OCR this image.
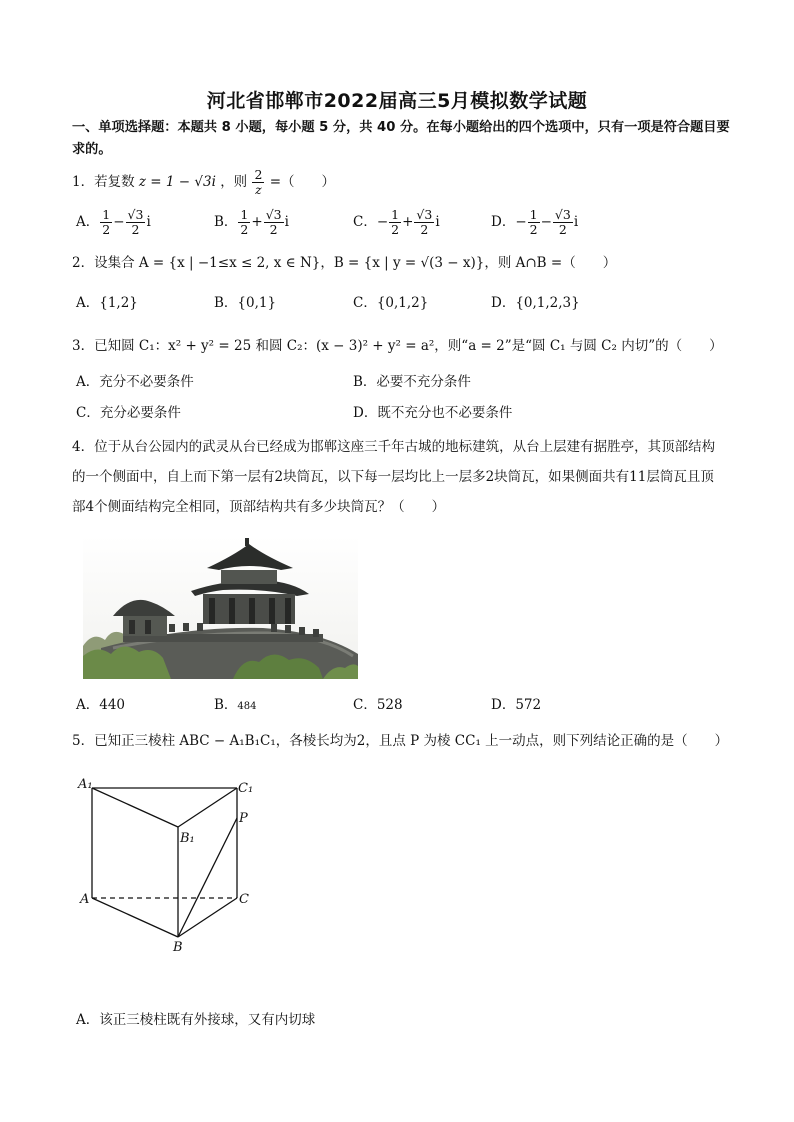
河北省邯郸市2022届高三5月模拟数学试题
一、单项选择题：本题共 8 小题，每小题 5 分，共 40 分。在每小题给出的四个选项中，只有一项是符合题目要求的。
1．若复数 z = 1 − √3i ，则 $\frac{2}{z}$ =（　　）
A． $\frac{1}{2} - \frac{√3}{2}$ i	B． $\frac{1}{2} + \frac{√3}{2}$ i	C．− $\frac{1}{2} + \frac{√3}{2}$ i	D．− $\frac{1}{2} - \frac{√3}{2}$ i
2．设集合 A = {x | −1≤x ≤ 2, x ∈ N}，B = {x | y = √(3 − x)}，则 A∩B =（　　）
A．{1,2}	B．{0,1}	C．{0,1,2}	D．{0,1,2,3}
3．已知圆 C₁：x² + y² = 25 和圆 C₂：(x − 3)² + y² = a²，则“a = 2”是“圆 C₁ 与圆 C₂ 内切”的（　　）
A．充分不必要条件	B．必要不充分条件
C．充分必要条件	D．既不充分也不必要条件
4．位于从台公园内的武灵从台已经成为邯郸这座三千年古城的地标建筑，从台上层建有据胜亭，其顶部结构的一个侧面中，自上而下第一层有2块筒瓦，以下每一层均比上一层多2块筒瓦，如果侧面共有11层筒瓦且顶部4个侧面结构完全相同，顶部结构共有多少块筒瓦？（　　）
A．440	B．484	C．528	D．572
5．已知正三棱柱 ABC − A₁B₁C₁，各棱长均为2，且点 P 为棱 CC₁ 上一动点，则下列结论正确的是（　　）
A₁	C₁
B₁
P
A	C
B
A．该正三棱柱既有外接球，又有内切球
